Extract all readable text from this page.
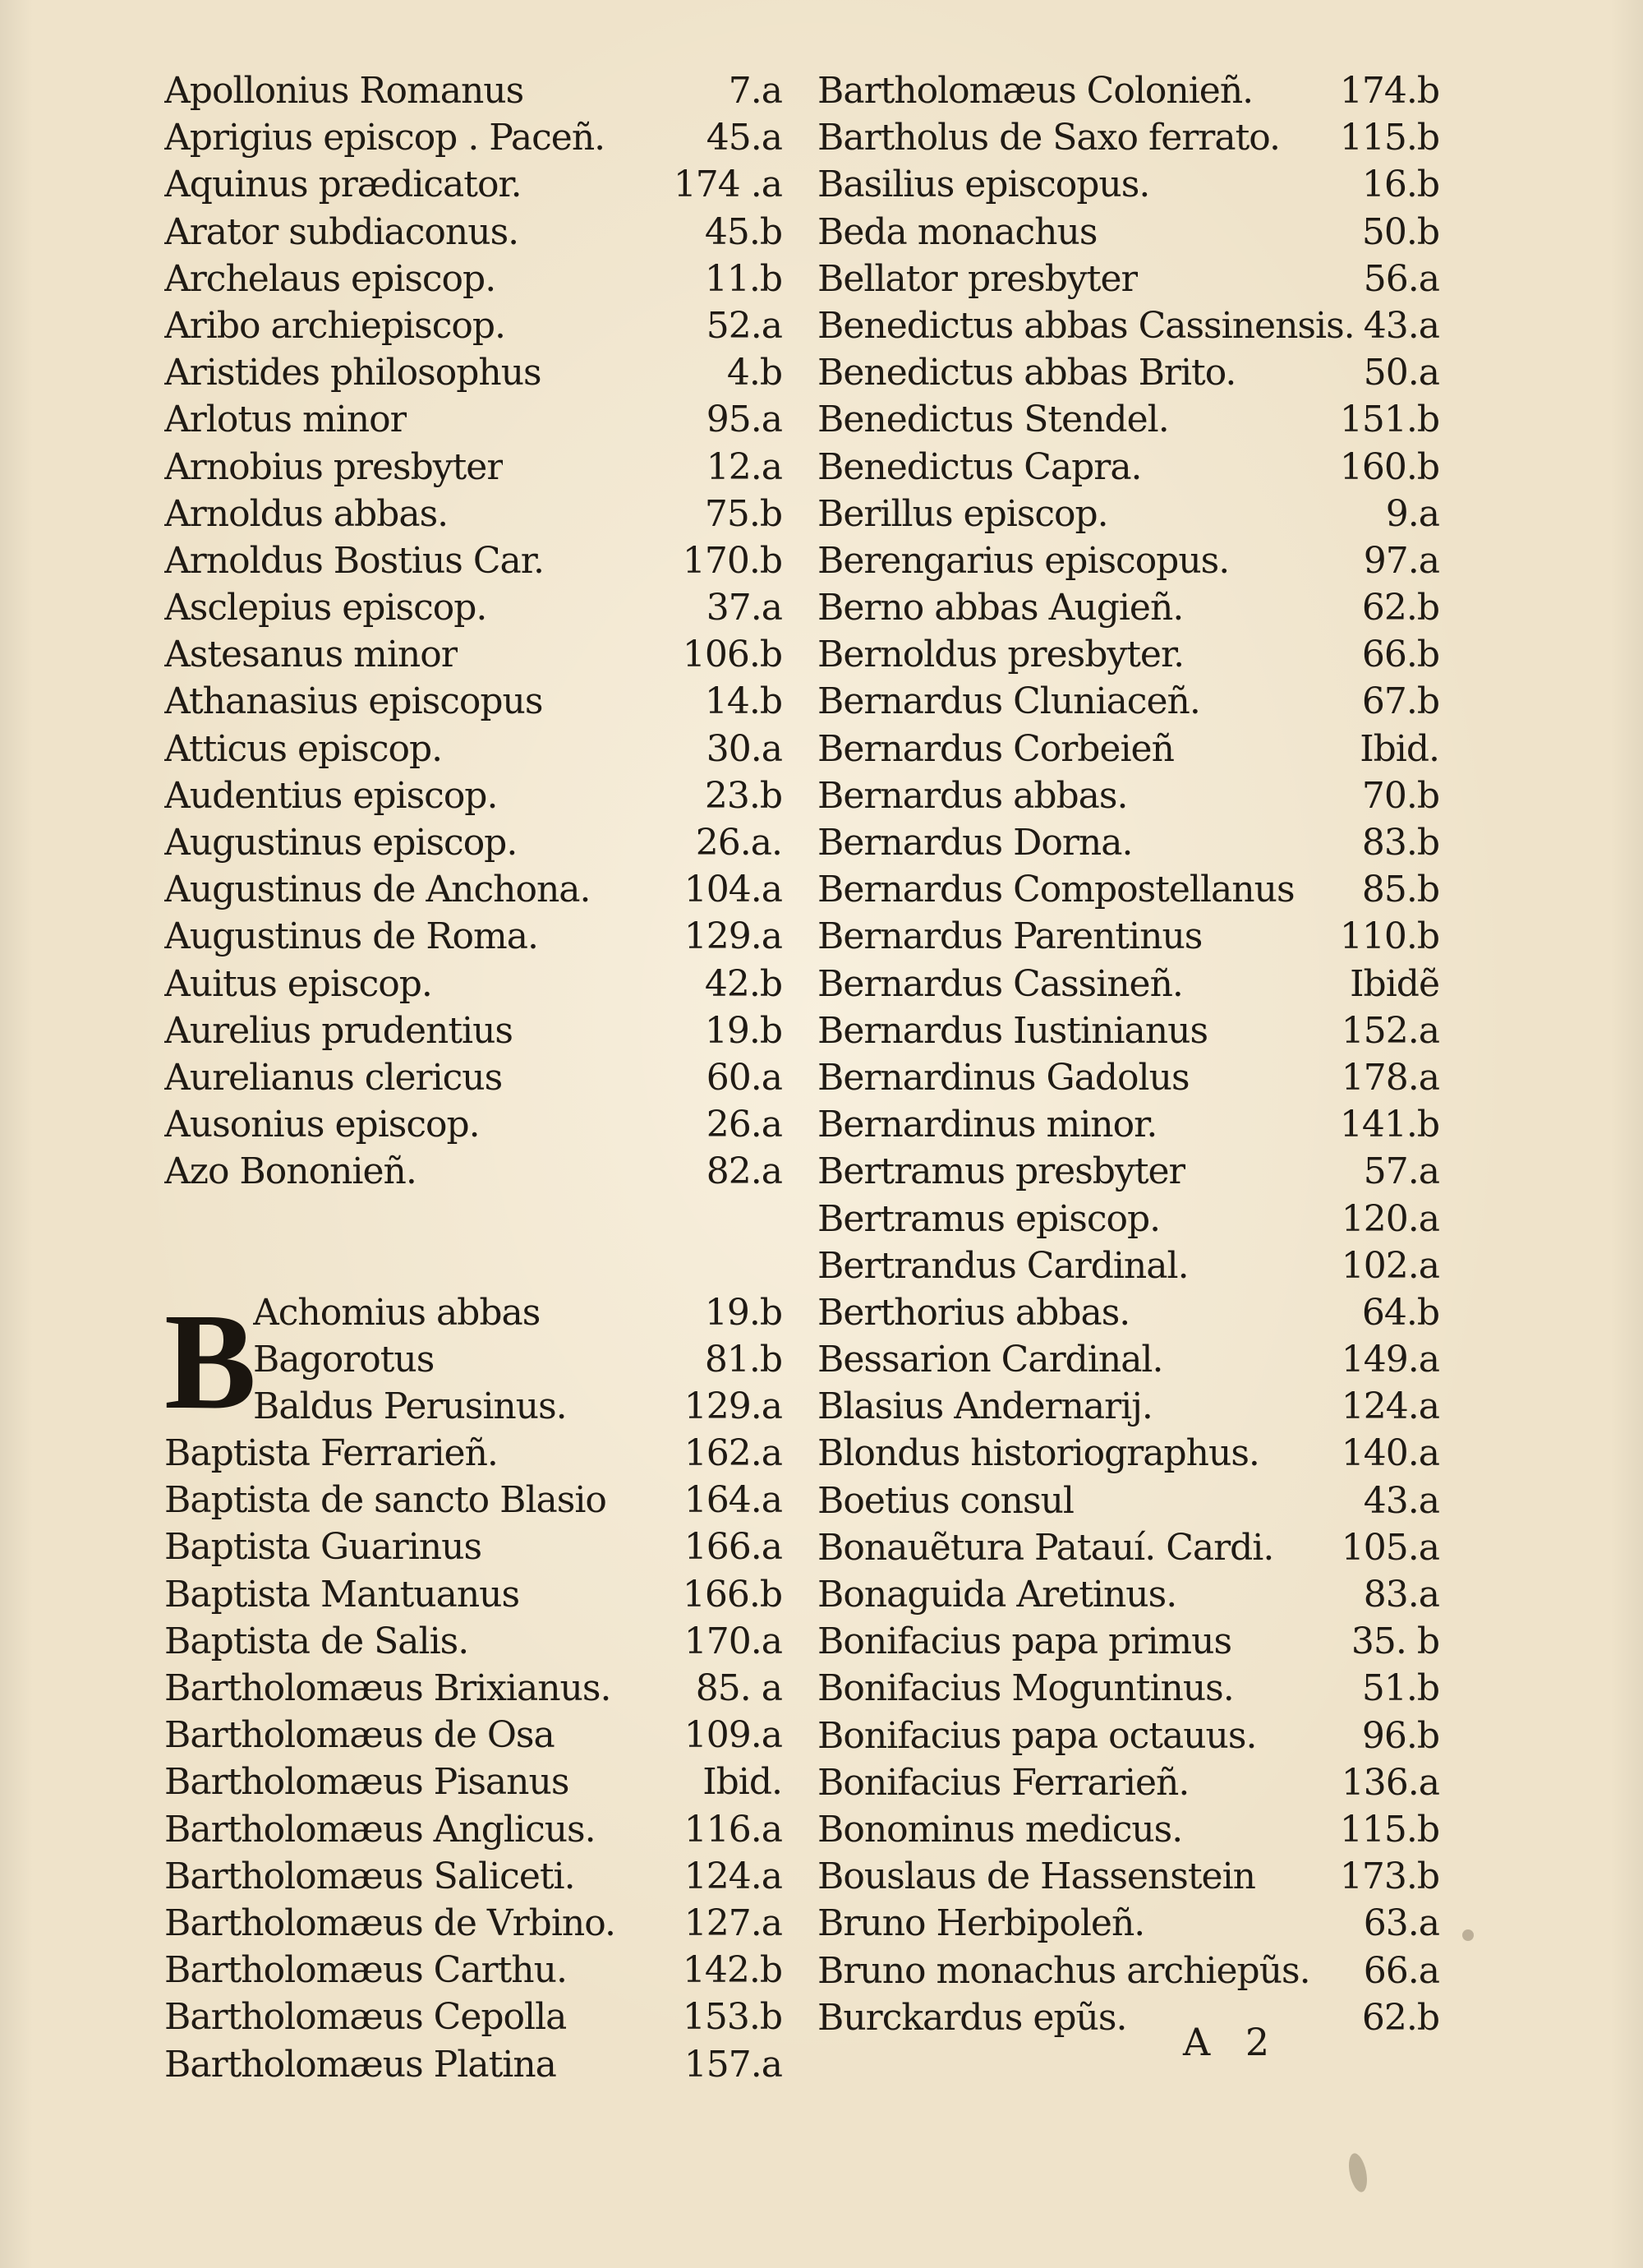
Apollonius Romanus	7.a
Aprigius episcop . Paceñ.	45.a
Aquinus prædicator.	174 .a
Arator subdiaconus.	45.b
Archelaus episcop.	11.b
Aribo archiepiscop.	52.a
Aristides philosophus	4.b
Arlotus minor	95.a
Arnobius presbyter	12.a
Arnoldus abbas.	75.b
Arnoldus Bostius Car.	170.b
Asclepius episcop.	37.a
Astesanus minor	106.b
Athanasius episcopus	14.b
Atticus episcop.	30.a
Audentius episcop.	23.b
Augustinus episcop.	26.a.
Augustinus de Anchona.	104.a
Augustinus de Roma.	129.a
Auitus episcop.	42.b
Aurelius prudentius	19.b
Aurelianus clericus	60.a
Ausonius episcop.	26.a
Azo Bononieñ.	82.a
B
Achomius abbas	19.b
Bagorotus	81.b
Baldus Perusinus.	129.a
Baptista Ferrarieñ.	162.a
Baptista de sancto Blasio 164.a
Baptista Guarinus	166.a
Baptista Mantuanus	166.b
Baptista de Salis.	170.a
Bartholomæus Brixianus. 85. a
Bartholomæus de Osa	109.a
Bartholomæus Pisanus	Ibid.
Bartholomæus Anglicus. 116.a
Bartholomæus Saliceti.	124.a
Bartholomæus de Vrbino. 127.a
Bartholomæus Carthu.	142.b
Bartholomæus Cepolla	153.b
Bartholomæus Platina	157.a
Bartholomæus Colonieñ. 174.b
Bartholus de Saxo ferrato. 115.b
Basilius episcopus.	16.b
Beda monachus	50.b
Bellator presbyter	56.a
Benedictus abbas Cassinensis. 43.a
Benedictus abbas Brito.	50.a
Benedictus Stendel.	151.b
Benedictus Capra.	160.b
Berillus episcop.	9.a
Berengarius episcopus.	97.a
Berno abbas Augieñ.	62.b
Bernoldus presbyter.	66.b
Bernardus Cluniaceñ.	67.b
Bernardus Corbeieñ	Ibid.
Bernardus abbas.	70.b
Bernardus Dorna.	83.b
Bernardus Compostellanus 85.b
Bernardus Parentinus	110.b
Bernardus Cassineñ.	Ibidẽ
Bernardus Iustinianus	152.a
Bernardinus Gadolus	178.a
Bernardinus minor.	141.b
Bertramus presbyter	57.a
Bertramus episcop.	120.a
Bertrandus Cardinal.	102.a
Berthorius abbas.	64.b
Bessarion Cardinal.	149.a
Blasius Andernarij.	124.a
Blondus historiographus. 140.a
Boetius consul	43.a
Bonauẽtura Patauí. Cardi. 105.a
Bonaguida Aretinus.	83.a
Bonifacius papa primus	35. b
Bonifacius Moguntinus.	51.b
Bonifacius papa octauus.	96.b
Bonifacius Ferrarieñ.	136.a
Bonominus medicus.	115.b
Bouslaus de Hassenstein 173.b
Bruno Herbipoleñ.	63.a
Bruno monachus archiepũs. 66.a
Burckardus epũs.	62.b
A 2
